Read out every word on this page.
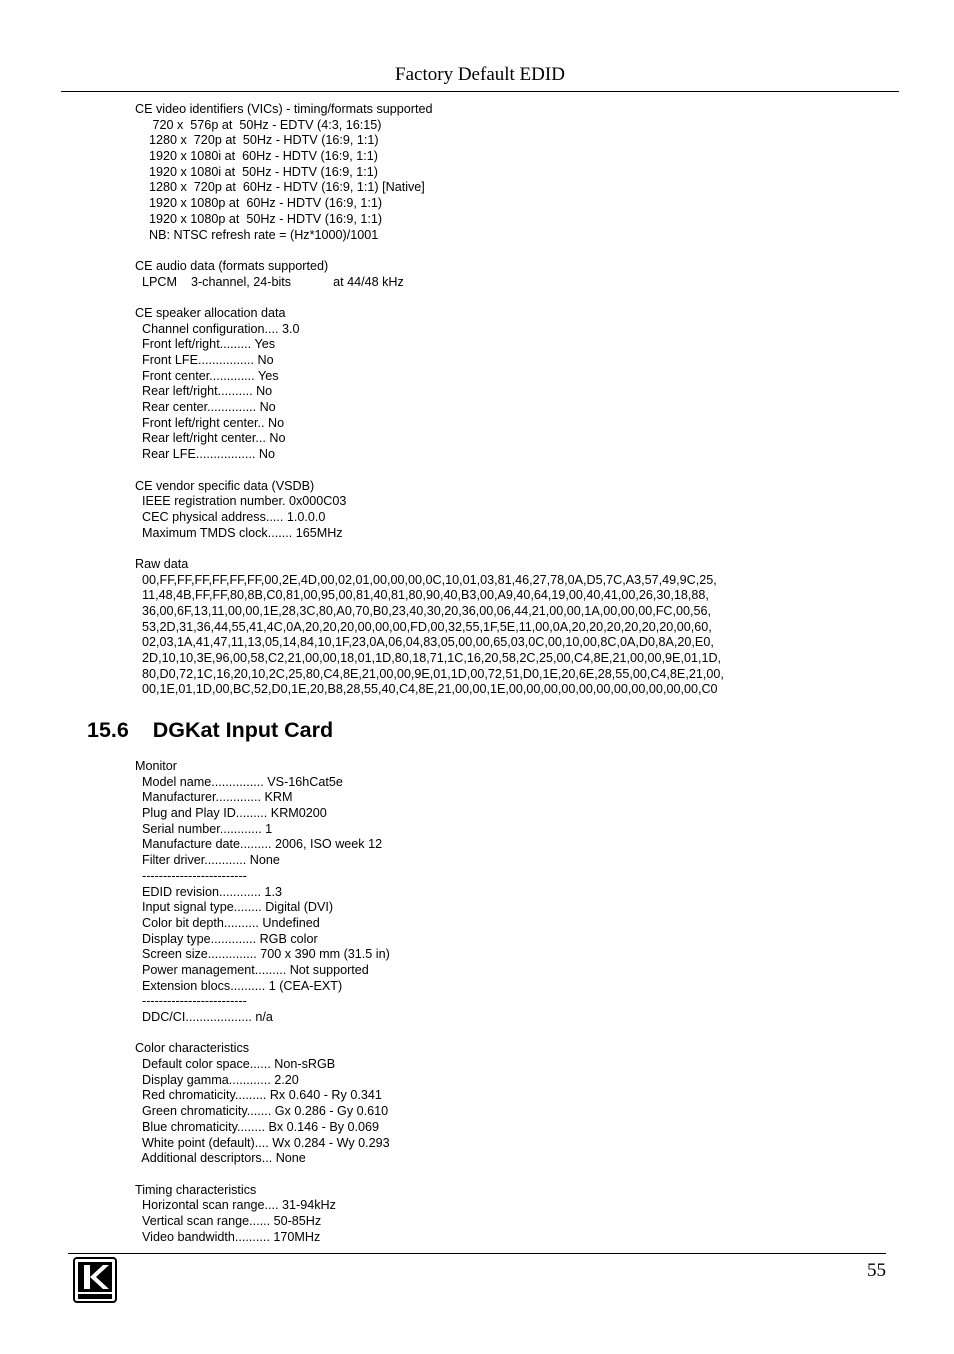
Factory Default EDID
CE video identifiers (VICs) - timing/formats supported
720 x  576p at  50Hz - EDTV (4:3, 16:15)
1280 x  720p at  50Hz - HDTV (16:9, 1:1)
1920 x 1080i at  60Hz - HDTV (16:9, 1:1)
1920 x 1080i at  50Hz - HDTV (16:9, 1:1)
1280 x  720p at  60Hz - HDTV (16:9, 1:1) [Native]
1920 x 1080p at  60Hz - HDTV (16:9, 1:1)
1920 x 1080p at  50Hz - HDTV (16:9, 1:1)
NB: NTSC refresh rate = (Hz*1000)/1001
CE audio data (formats supported)
LPCM    3-channel, 24-bits            at 44/48 kHz
CE speaker allocation data
Channel configuration.... 3.0
Front left/right......... Yes
Front LFE................ No
Front center............. Yes
Rear left/right.......... No
Rear center.............. No
Front left/right center.. No
Rear left/right center... No
Rear LFE................. No
CE vendor specific data (VSDB)
IEEE registration number. 0x000C03
CEC physical address..... 1.0.0.0
Maximum TMDS clock....... 165MHz
Raw data
00,FF,FF,FF,FF,FF,FF,00,2E,4D,00,02,01,00,00,00,0C,10,01,03,81,46,27,78,0A,D5,7C,A3,57,49,9C,25,
11,48,4B,FF,FF,80,8B,C0,81,00,95,00,81,40,81,80,90,40,B3,00,A9,40,64,19,00,40,41,00,26,30,18,88,
36,00,6F,13,11,00,00,1E,28,3C,80,A0,70,B0,23,40,30,20,36,00,06,44,21,00,00,1A,00,00,00,FC,00,56,
53,2D,31,36,44,55,41,4C,0A,20,20,20,00,00,00,FD,00,32,55,1F,5E,11,00,0A,20,20,20,20,20,20,00,60,
02,03,1A,41,47,11,13,05,14,84,10,1F,23,0A,06,04,83,05,00,00,65,03,0C,00,10,00,8C,0A,D0,8A,20,E0,
2D,10,10,3E,96,00,58,C2,21,00,00,18,01,1D,80,18,71,1C,16,20,58,2C,25,00,C4,8E,21,00,00,9E,01,1D,
80,D0,72,1C,16,20,10,2C,25,80,C4,8E,21,00,00,9E,01,1D,00,72,51,D0,1E,20,6E,28,55,00,C4,8E,21,00,
00,1E,01,1D,00,BC,52,D0,1E,20,B8,28,55,40,C4,8E,21,00,00,1E,00,00,00,00,00,00,00,00,00,00,00,C0
15.6 DGKat Input Card
Monitor
Model name............... VS-16hCat5e
Manufacturer............. KRM
Plug and Play ID......... KRM0200
Serial number............ 1
Manufacture date......... 2006, ISO week 12
Filter driver............ None
-------------------------
EDID revision............ 1.3
Input signal type........ Digital (DVI)
Color bit depth.......... Undefined
Display type............. RGB color
Screen size.............. 700 x 390 mm (31.5 in)
Power management......... Not supported
Extension blocs.......... 1 (CEA-EXT)
-------------------------
DDC/CI................... n/a
Color characteristics
Default color space...... Non-sRGB
Display gamma............ 2.20
Red chromaticity......... Rx 0.640 - Ry 0.341
Green chromaticity....... Gx 0.286 - Gy 0.610
Blue chromaticity........ Bx 0.146 - By 0.069
White point (default).... Wx 0.284 - Wy 0.293
Additional descriptors... None
Timing characteristics
Horizontal scan range.... 31-94kHz
Vertical scan range...... 50-85Hz
Video bandwidth.......... 170MHz
55
